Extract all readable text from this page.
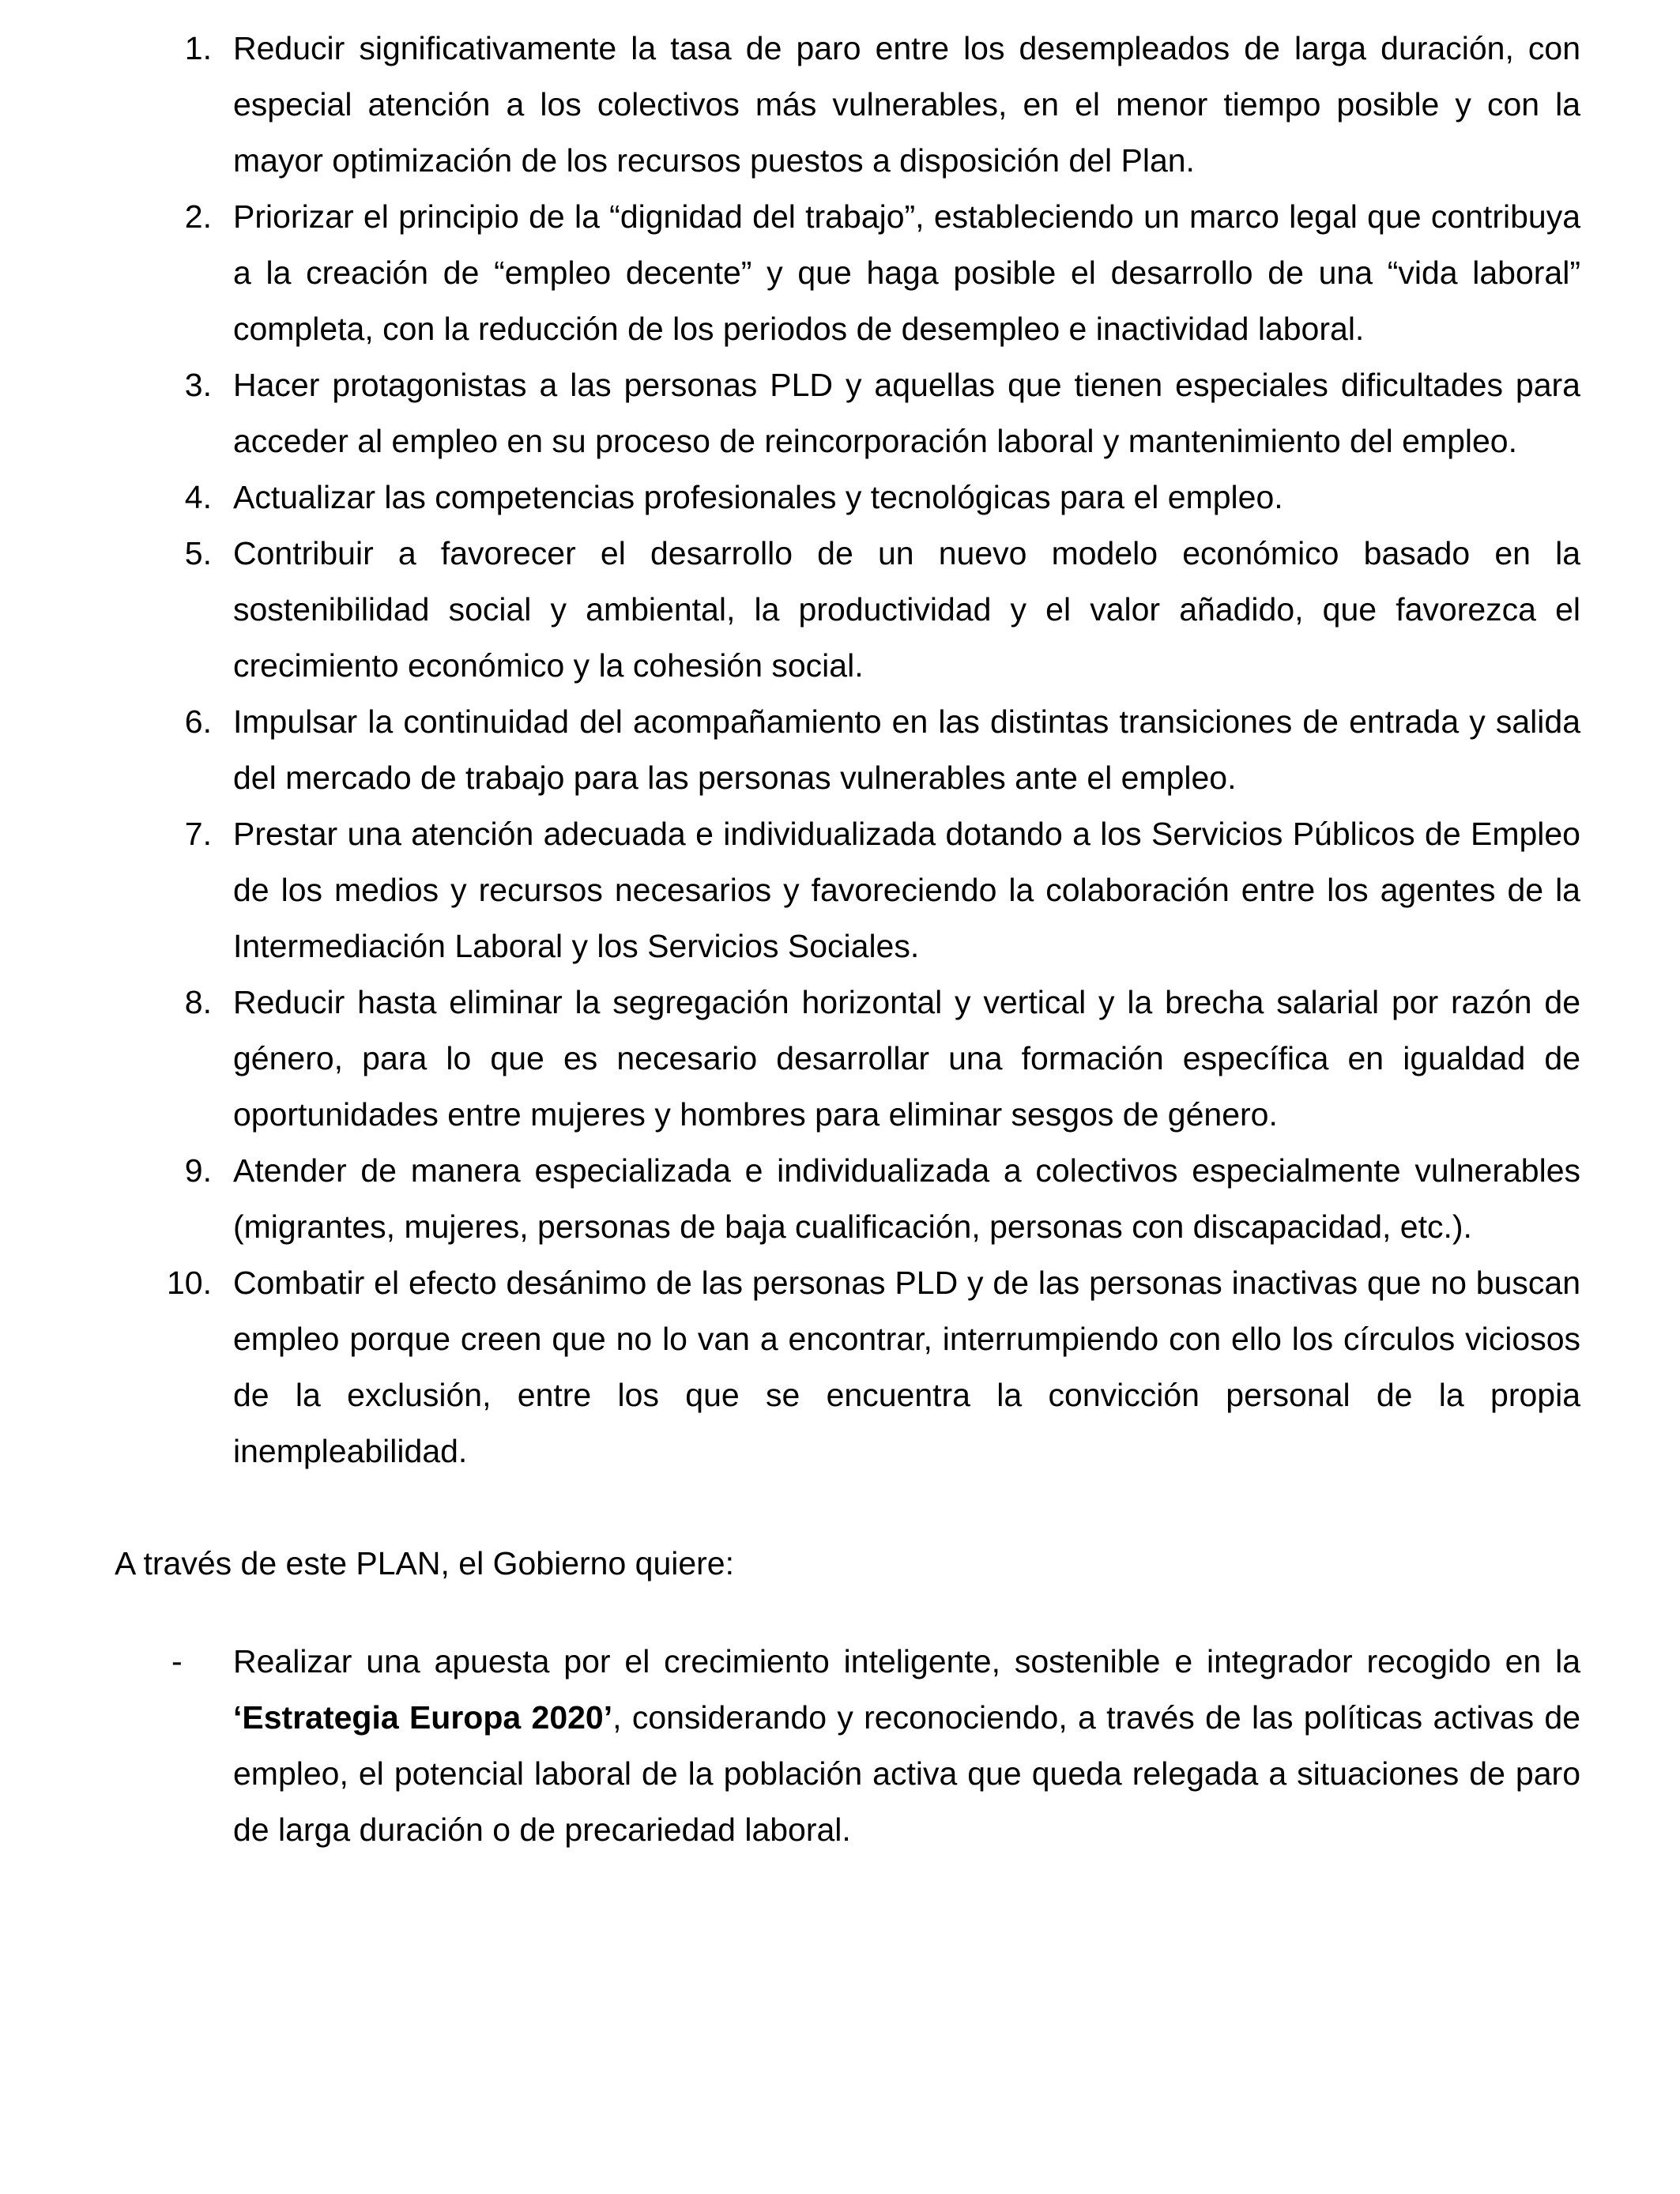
1. Reducir significativamente la tasa de paro entre los desempleados de larga duración, con especial atención a los colectivos más vulnerables, en el menor tiempo posible y con la mayor optimización de los recursos puestos a disposición del Plan.
2. Priorizar el principio de la “dignidad del trabajo”, estableciendo un marco legal que contribuya a la creación de “empleo decente” y que haga posible el desarrollo de una “vida laboral” completa, con la reducción de los periodos de desempleo e inactividad laboral.
3. Hacer protagonistas a las personas PLD y aquellas que tienen especiales dificultades para acceder al empleo en su proceso de reincorporación laboral y mantenimiento del empleo.
4. Actualizar las competencias profesionales y tecnológicas para el empleo.
5. Contribuir a favorecer el desarrollo de un nuevo modelo económico basado en la sostenibilidad social y ambiental, la productividad y el valor añadido, que favorezca el crecimiento económico y la cohesión social.
6. Impulsar la continuidad del acompañamiento en las distintas transiciones de entrada y salida del mercado de trabajo para las personas vulnerables ante el empleo.
7. Prestar una atención adecuada e individualizada dotando a los Servicios Públicos de Empleo de los medios y recursos necesarios y favoreciendo la colaboración entre los agentes de la Intermediación Laboral y los Servicios Sociales.
8. Reducir hasta eliminar la segregación horizontal y vertical y la brecha salarial por razón de género, para lo que es necesario desarrollar una formación específica en igualdad de oportunidades entre mujeres y hombres para eliminar sesgos de género.
9. Atender de manera especializada e individualizada a colectivos especialmente vulnerables (migrantes, mujeres, personas de baja cualificación, personas con discapacidad, etc.).
10. Combatir el efecto desánimo de las personas PLD y de las personas inactivas que no buscan empleo porque creen que no lo van a encontrar, interrumpiendo con ello los círculos viciosos de la exclusión, entre los que se encuentra la convicción personal de la propia inempleabilidad.

A través de este PLAN, el Gobierno quiere:

-	Realizar una apuesta por el crecimiento inteligente, sostenible e integrador recogido en la ‘Estrategia Europa 2020’, considerando y reconociendo, a través de las políticas activas de empleo, el potencial laboral de la población activa que queda relegada a situaciones de paro de larga duración o de precariedad laboral.
